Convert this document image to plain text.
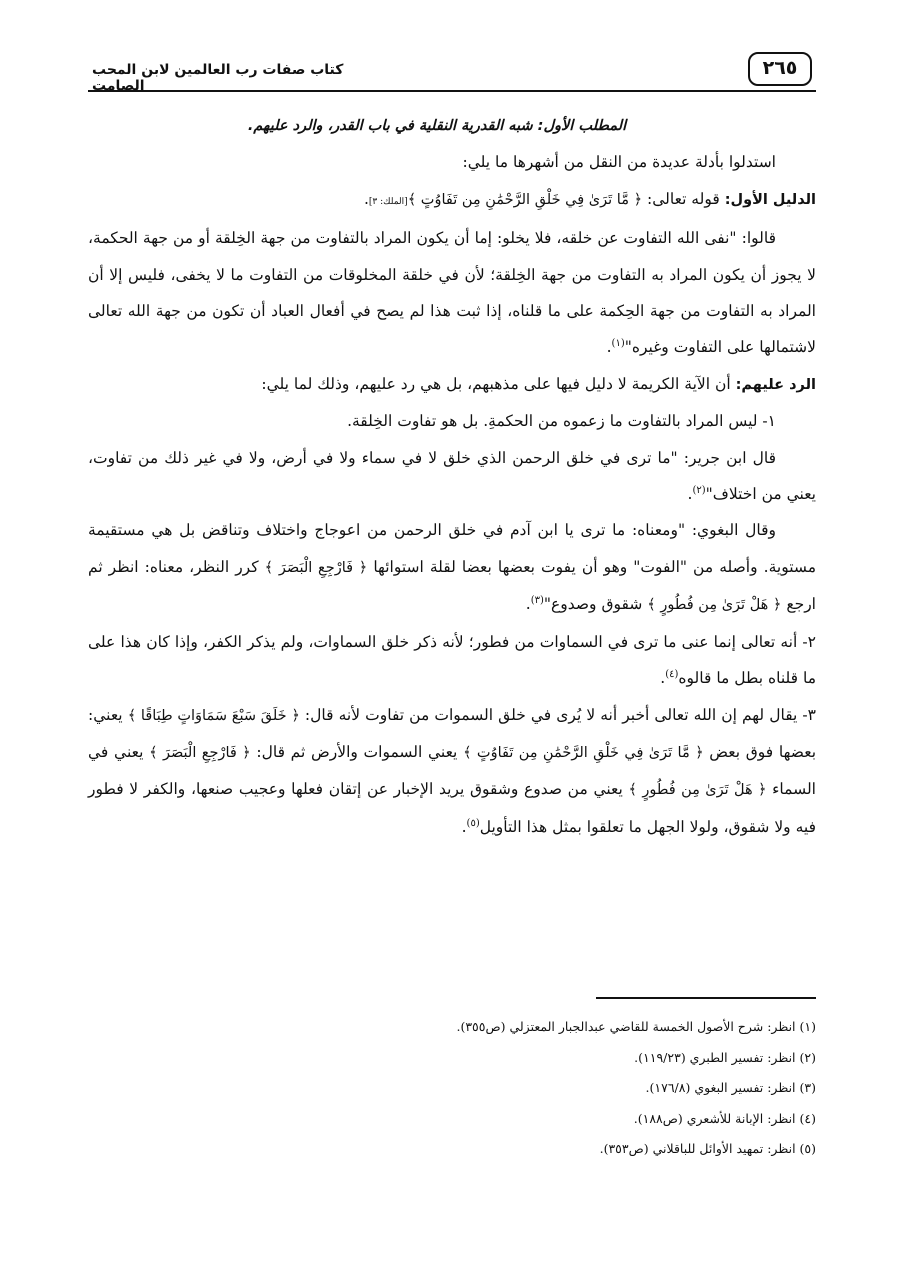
٢٦٥
كتاب صفات رب العالمين لابن المحب الصامت

المطلب الأول: شبه القدرية النقلية في باب القدر، والرد عليهم.

استدلوا بأدلة عديدة من النقل من أشهرها ما يلي:

الدليل الأول: قوله تعالى: ﴿ مَّا تَرَىٰ فِي خَلْقِ الرَّحْمَٰنِ مِن تَفَاوُتٍ ﴾[الملك: ٣].

قالوا: "نفى الله التفاوت عن خلقه، فلا يخلو: إما أن يكون المراد بالتفاوت من جهة الخِلقة أو من جهة الحكمة، لا يجوز أن يكون المراد به التفاوت من جهة الخِلقة؛ لأن في خلقة المخلوقات من التفاوت ما لا يخفى، فليس إلا أن المراد به التفاوت من جهة الحِكمة على ما قلناه، إذا ثبت هذا لم يصح في أفعال العباد أن تكون من جهة الله تعالى لاشتمالها على التفاوت وغيره"$^{(١)}$.

الرد عليهم: أن الآية الكريمة لا دليل فيها على مذهبهم، بل هي رد عليهم، وذلك لما يلي:

١- ليس المراد بالتفاوت ما زعموه من الحكمةِ. بل هو تفاوت الخِلقة.

قال ابن جرير: "ما ترى في خلق الرحمن الذي خلق لا في سماء ولا في أرض، ولا في غير ذلك من تفاوت، يعني من اختلاف"$^{(٢)}$.

وقال البغوي: "ومعناه: ما ترى يا ابن آدم في خلق الرحمن من اعوجاج واختلاف وتناقض بل هي مستقيمة مستوية. وأصله من "الفوت" وهو أن يفوت بعضها بعضا لقلة استوائها ﴿ فَارْجِعِ الْبَصَرَ ﴾ كرر النظر، معناه: انظر ثم ارجع ﴿ هَلْ تَرَىٰ مِن فُطُورٍ ﴾ شقوق وصدوع"$^{(٣)}$.

٢- أنه تعالى إنما عنى ما ترى في السماوات من فطور؛ لأنه ذكر خلق السماوات، ولم يذكر الكفر، وإذا كان هذا على ما قلناه بطل ما قالوه$^{(٤)}$.

٣- يقال لهم إن الله تعالى أخبر أنه لا يُرى في خلق السموات من تفاوت لأنه قال: ﴿ خَلَقَ سَبْعَ سَمَاوَاتٍ طِبَاقًا ﴾ يعني: بعضها فوق بعض ﴿ مَّا تَرَىٰ فِي خَلْقِ الرَّحْمَٰنِ مِن تَفَاوُتٍ ﴾ يعني السموات والأرض ثم قال: ﴿ فَارْجِعِ الْبَصَرَ ﴾ يعني في السماء ﴿ هَلْ تَرَىٰ مِن فُطُورٍ ﴾ يعني من صدوع وشقوق يريد الإخبار عن إتقان فعلها وعجيب صنعها، والكفر لا فطور فيه ولا شقوق، ولولا الجهل ما تعلقوا بمثل هذا التأويل$^{(٥)}$.

(١) انظر: شرح الأصول الخمسة للقاضي عبدالجبار المعتزلي (ص٣٥٥).
(٢) انظر: تفسير الطبري (١١٩/٢٣).
(٣) انظر: تفسير البغوي (١٧٦/٨).
(٤) انظر: الإبانة للأشعري (ص١٨٨).
(٥) انظر: تمهيد الأوائل للباقلاني (ص٣٥٣).
